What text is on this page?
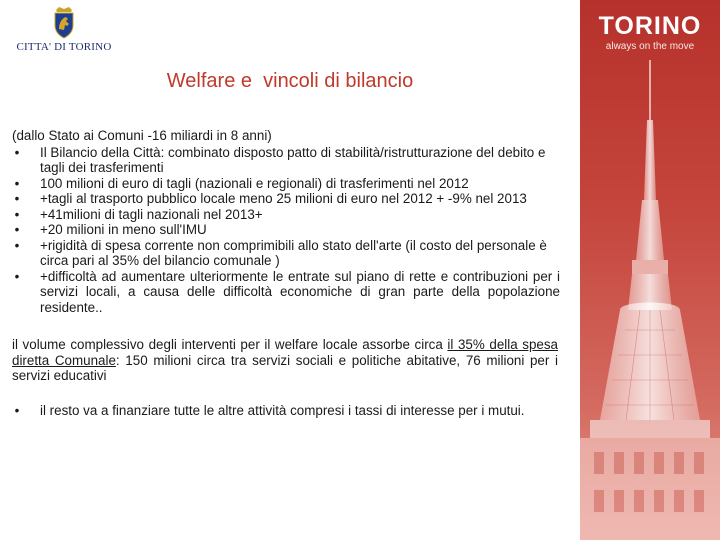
CITTA' DI TORINO
TORINO
always on the move
Welfare e  vincoli di bilancio
(dallo Stato ai Comuni -16 miliardi in 8 anni)
• Il Bilancio della Città: combinato disposto patto di stabilità/ristrutturazione del debito e tagli dei trasferimenti
• 100 milioni di euro di tagli (nazionali e regionali) di trasferimenti nel 2012
• +tagli al trasporto pubblico locale meno 25 milioni di euro nel 2012 + -9% nel 2013
• +41milioni di tagli nazionali nel 2013+
• +20 milioni in meno sull'IMU
• +rigidità di spesa corrente non comprimibili allo stato dell'arte (il costo del personale è circa pari al 35% del bilancio comunale )
• +difficoltà ad aumentare ulteriormente le entrate sul piano di rette e contribuzioni per i servizi locali, a causa delle difficoltà economiche di gran parte della popolazione residente..

il volume complessivo degli interventi per il welfare locale assorbe circa il 35% della spesa diretta Comunale: 150 milioni circa tra servizi sociali e politiche abitative, 76 milioni per i servizi educativi

• il resto va a finanziare tutte le altre attività compresi i tassi di interesse per i mutui.
